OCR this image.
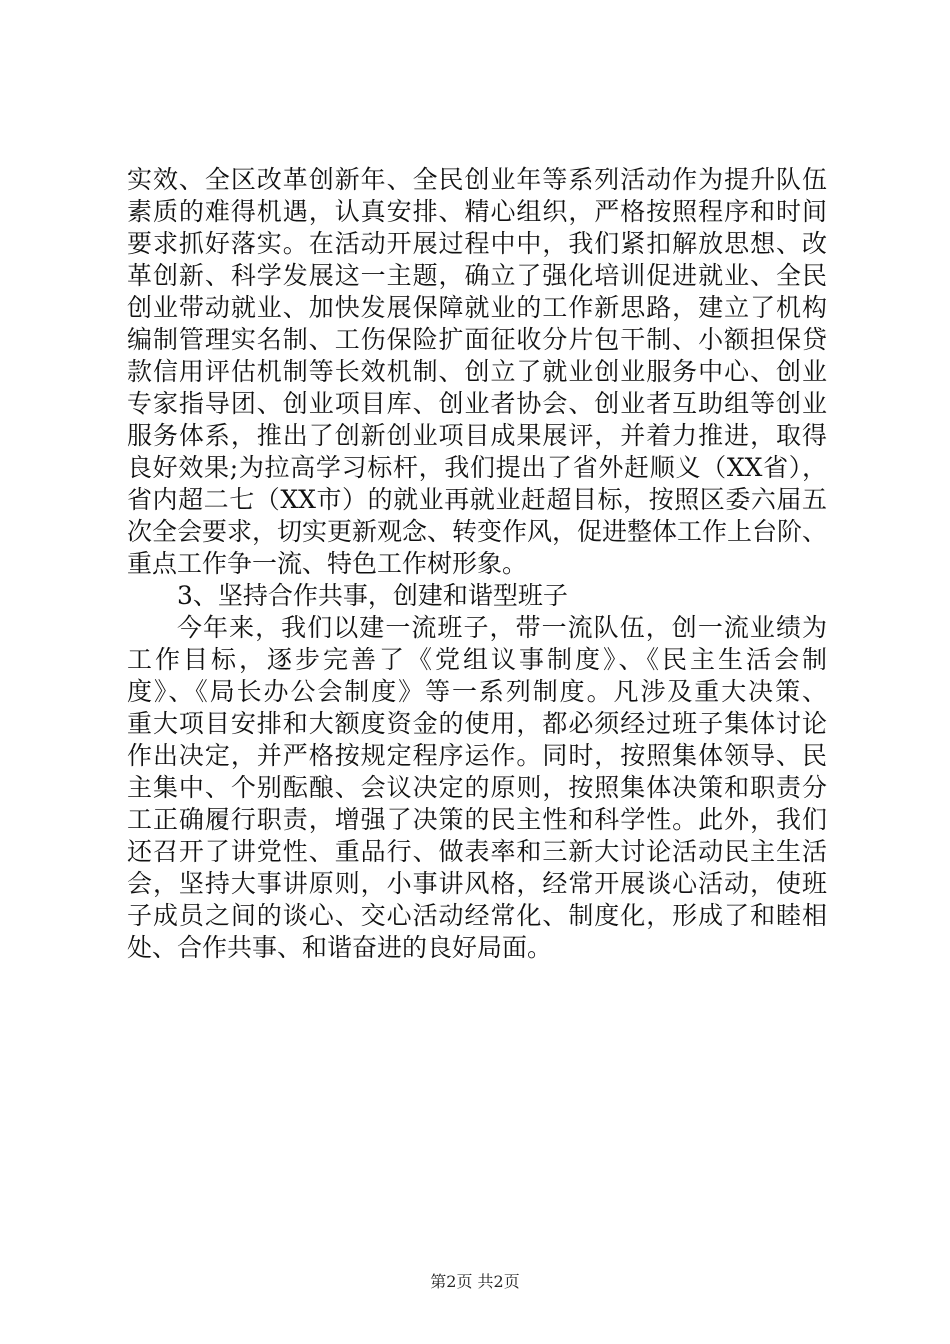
实效、全区改革创新年、全民创业年等系列活动作为提升队伍
素质的难得机遇，认真安排、精心组织，严格按照程序和时间
要求抓好落实。在活动开展过程中中，我们紧扣解放思想、改
革创新、科学发展这一主题，确立了强化培训促进就业、全民
创业带动就业、加快发展保障就业的工作新思路，建立了机构
编制管理实名制、工伤保险扩面征收分片包干制、小额担保贷
款信用评估机制等长效机制、创立了就业创业服务中心、创业
专家指导团、创业项目库、创业者协会、创业者互助组等创业
服务体系，推出了创新创业项目成果展评，并着力推进，取得
良好效果;为拉高学习标杆，我们提出了省外赶顺义（XX省），
省内超二七（XX市）的就业再就业赶超目标，按照区委六届五
次全会要求，切实更新观念、转变作风，促进整体工作上台阶、
重点工作争一流、特色工作树形象。
3、坚持合作共事，创建和谐型班子
今年来，我们以建一流班子，带一流队伍，创一流业绩为
工作目标，逐步完善了《党组议事制度》、《民主生活会制
度》、《局长办公会制度》等一系列制度。凡涉及重大决策、
重大项目安排和大额度资金的使用，都必须经过班子集体讨论
作出决定，并严格按规定程序运作。同时，按照集体领导、民
主集中、个别酝酿、会议决定的原则，按照集体决策和职责分
工正确履行职责，增强了决策的民主性和科学性。此外，我们
还召开了讲党性、重品行、做表率和三新大讨论活动民主生活
会，坚持大事讲原则，小事讲风格，经常开展谈心活动，使班
子成员之间的谈心、交心活动经常化、制度化，形成了和睦相
处、合作共事、和谐奋进的良好局面。
第2页 共2页
